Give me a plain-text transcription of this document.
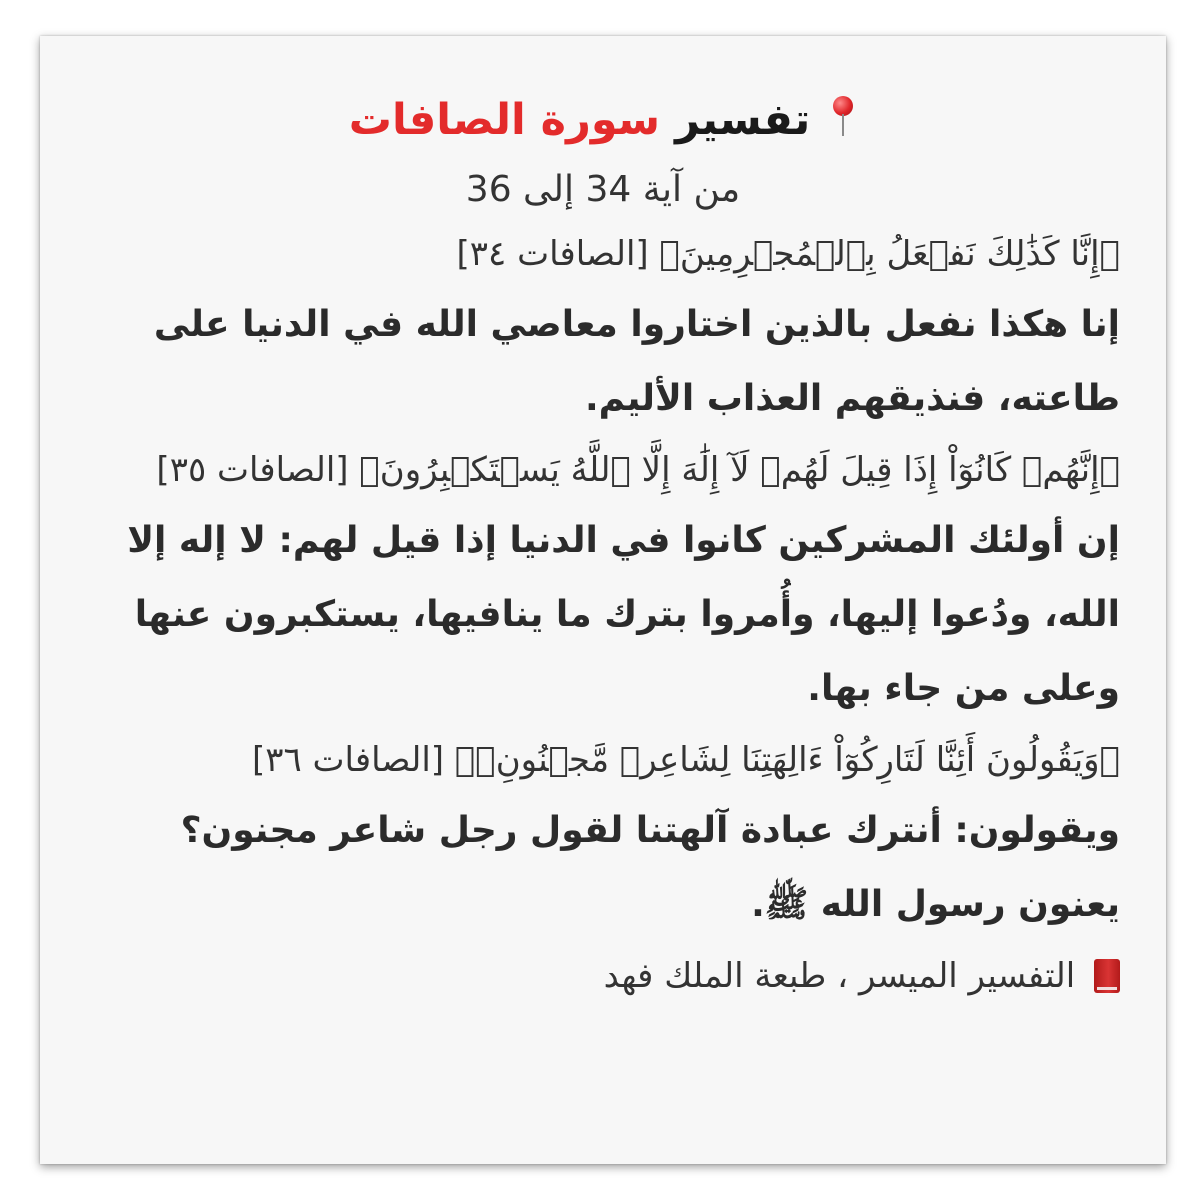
تفسير سورة الصافات

من آية 34 إلى 36

﴿إِنَّا كَذَٰلِكَ نَفۡعَلُ بِٱلۡمُجۡرِمِينَ﴾ [الصافات ٣٤]

إنا هكذا نفعل بالذين اختاروا معاصي الله في الدنيا على طاعته، فنذيقهم العذاب الأليم.

﴿إِنَّهُمۡ كَانُوٓاْ إِذَا قِيلَ لَهُمۡ لَآ إِلَٰهَ إِلَّا ٱللَّهُ يَسۡتَكۡبِرُونَ﴾ [الصافات ٣٥]

إن أولئك المشركين كانوا في الدنيا إذا قيل لهم: لا إله إلا الله، ودُعوا إليها، وأُمروا بترك ما ينافيها، يستكبرون عنها وعلى من جاء بها.

﴿وَيَقُولُونَ أَئِنَّا لَتَارِكُوٓاْ ءَالِهَتِنَا لِشَاعِرٖ مَّجۡنُونِۭ﴾ [الصافات ٣٦]

ويقولون: أنترك عبادة آلهتنا لقول رجل شاعر مجنون؟ يعنون رسول الله ﷺ.

التفسير الميسر ، طبعة الملك فهد
